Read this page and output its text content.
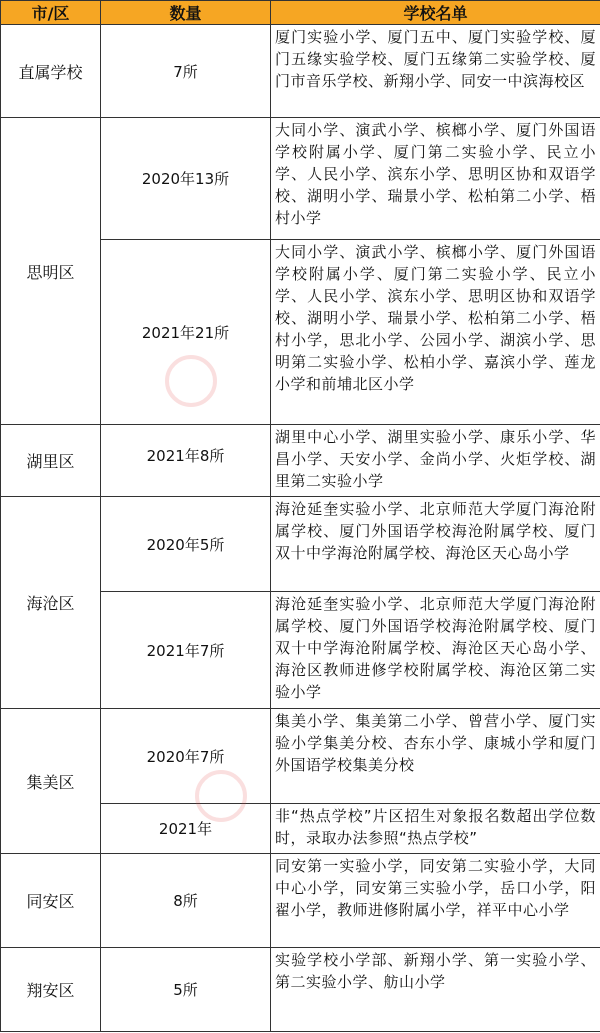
市/区	数量	学校名单
直属学校	7所	厦门实验小学、厦门五中、厦门实验学校、厦门五缘实验学校、厦门五缘第二实验学校、厦门市音乐学校、新翔小学、同安一中滨海校区
思明区	2020年13所	大同小学、演武小学、槟榔小学、厦门外国语学校附属小学、厦门第二实验小学、民立小学、人民小学、滨东小学、思明区协和双语学校、湖明小学、瑞景小学、松柏第二小学、梧村小学
	2021年21所	大同小学、演武小学、槟榔小学、厦门外国语学校附属小学、厦门第二实验小学、民立小学、人民小学、滨东小学、思明区协和双语学校、湖明小学、瑞景小学、松柏第二小学、梧村小学，思北小学、公园小学、湖滨小学、思明第二实验小学、松柏小学、嘉滨小学、莲龙小学和前埔北区小学
湖里区	2021年8所	湖里中心小学、湖里实验小学、康乐小学、华昌小学、天安小学、金尚小学、火炬学校、湖里第二实验小学
海沧区	2020年5所	海沧延奎实验小学、北京师范大学厦门海沧附属学校、厦门外国语学校海沧附属学校、厦门双十中学海沧附属学校、海沧区天心岛小学
	2021年7所	海沧延奎实验小学、北京师范大学厦门海沧附属学校、厦门外国语学校海沧附属学校、厦门双十中学海沧附属学校、海沧区天心岛小学、海沧区教师进修学校附属学校、海沧区第二实验小学
集美区	2020年7所	集美小学、集美第二小学、曾营小学、厦门实验小学集美分校、杏东小学、康城小学和厦门外国语学校集美分校
	2021年	非“热点学校”片区招生对象报名数超出学位数时，录取办法参照“热点学校”
同安区	8所	同安第一实验小学，同安第二实验小学，大同中心小学，同安第三实验小学，岳口小学，阳翟小学，教师进修附属小学，祥平中心小学
翔安区	5所	实验学校小学部、新翔小学、第一实验小学、第二实验小学、舫山小学
